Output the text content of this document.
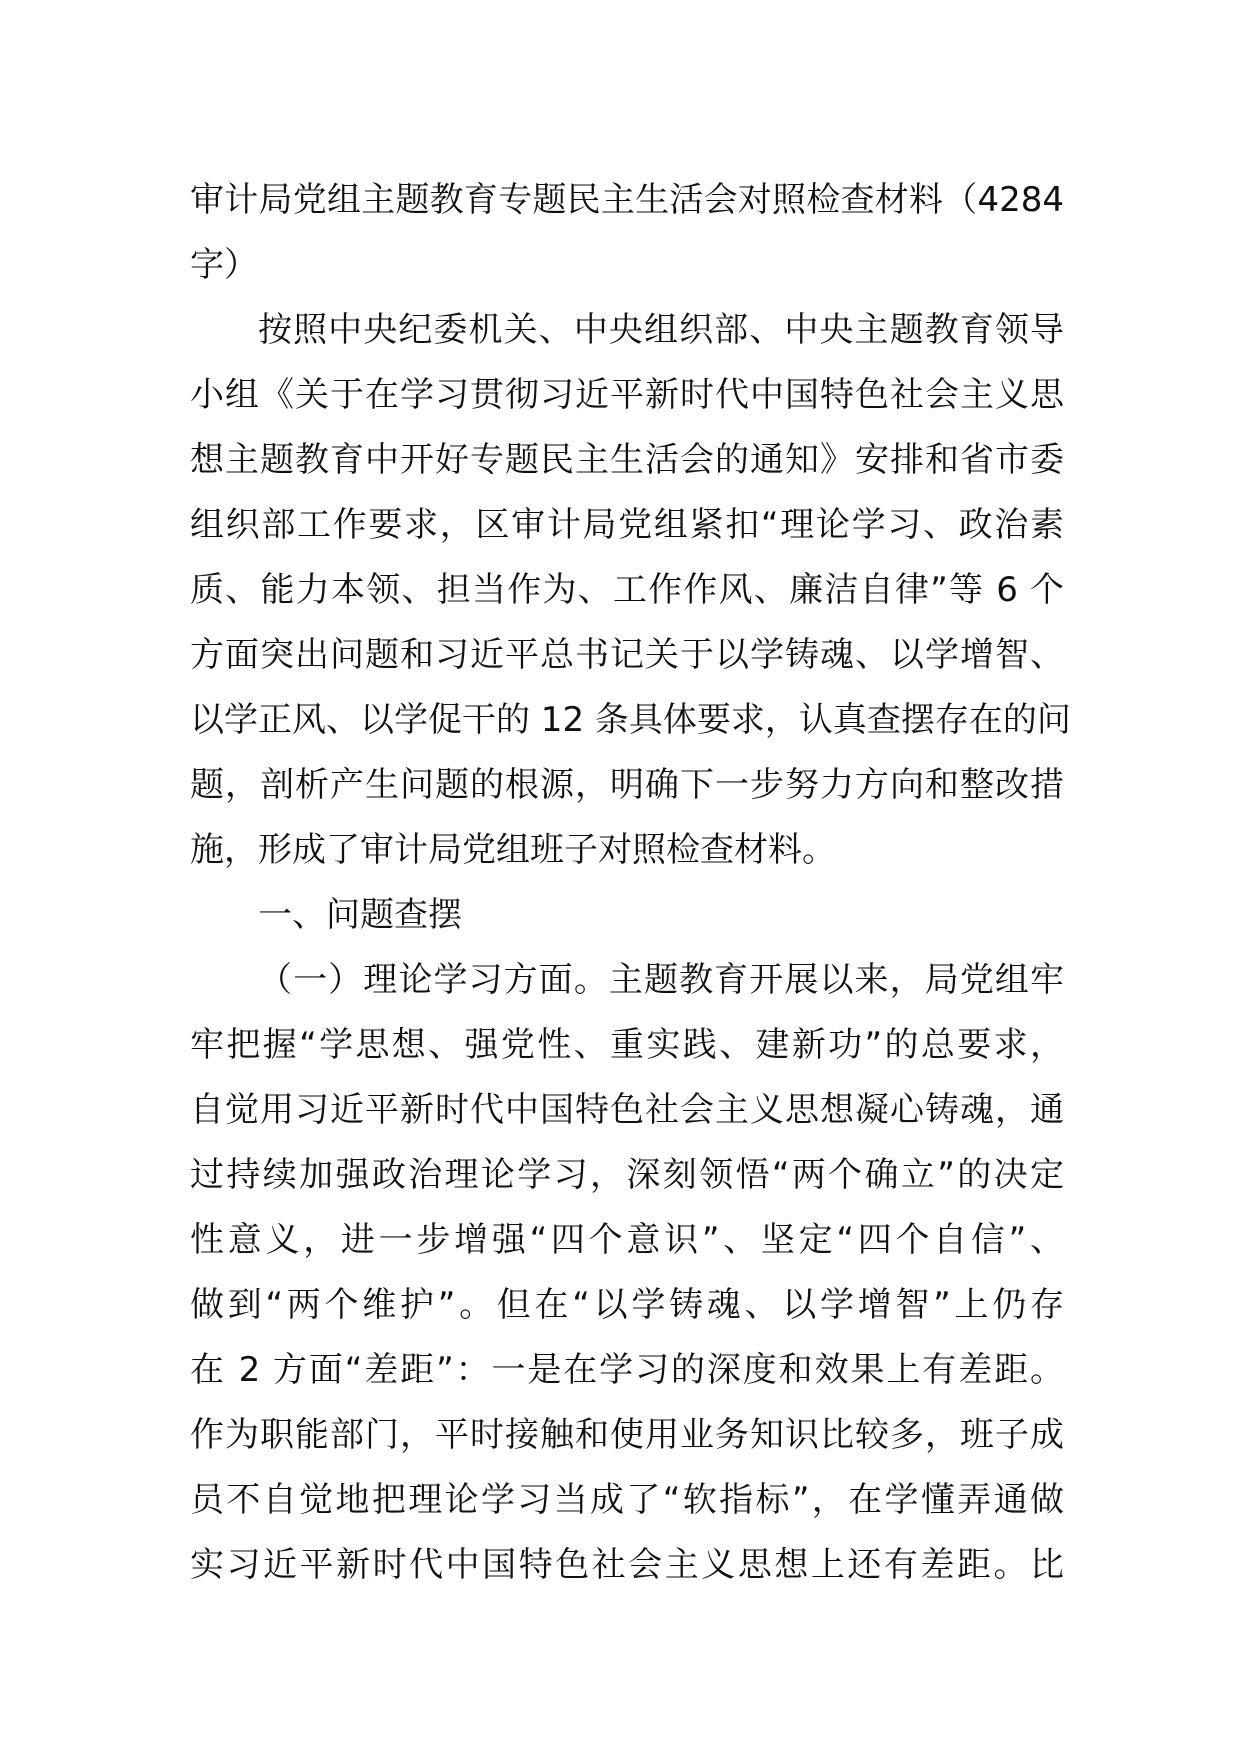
审计局党组主题教育专题民主生活会对照检查材料（4284
字）
按照中央纪委机关、中央组织部、中央主题教育领导
小组《关于在学习贯彻习近平新时代中国特色社会主义思
想主题教育中开好专题民主生活会的通知》安排和省市委
组织部工作要求，区审计局党组紧扣“理论学习、政治素
质、能力本领、担当作为、工作作风、廉洁自律”等 6 个
方面突出问题和习近平总书记关于以学铸魂、以学增智、
以学正风、以学促干的 12 条具体要求，认真查摆存在的问
题，剖析产生问题的根源，明确下一步努力方向和整改措
施，形成了审计局党组班子对照检查材料。
一、问题查摆
（一）理论学习方面。主题教育开展以来，局党组牢
牢把握“学思想、强党性、重实践、建新功”的总要求，
自觉用习近平新时代中国特色社会主义思想凝心铸魂，通
过持续加强政治理论学习，深刻领悟“两个确立”的决定
性意义，进一步增强“四个意识”、坚定“四个自信”、
做到“两个维护”。但在“以学铸魂、以学增智”上仍存
在 2 方面“差距”：一是在学习的深度和效果上有差距。
作为职能部门，平时接触和使用业务知识比较多，班子成
员不自觉地把理论学习当成了“软指标”，在学懂弄通做
实习近平新时代中国特色社会主义思想上还有差距。比
